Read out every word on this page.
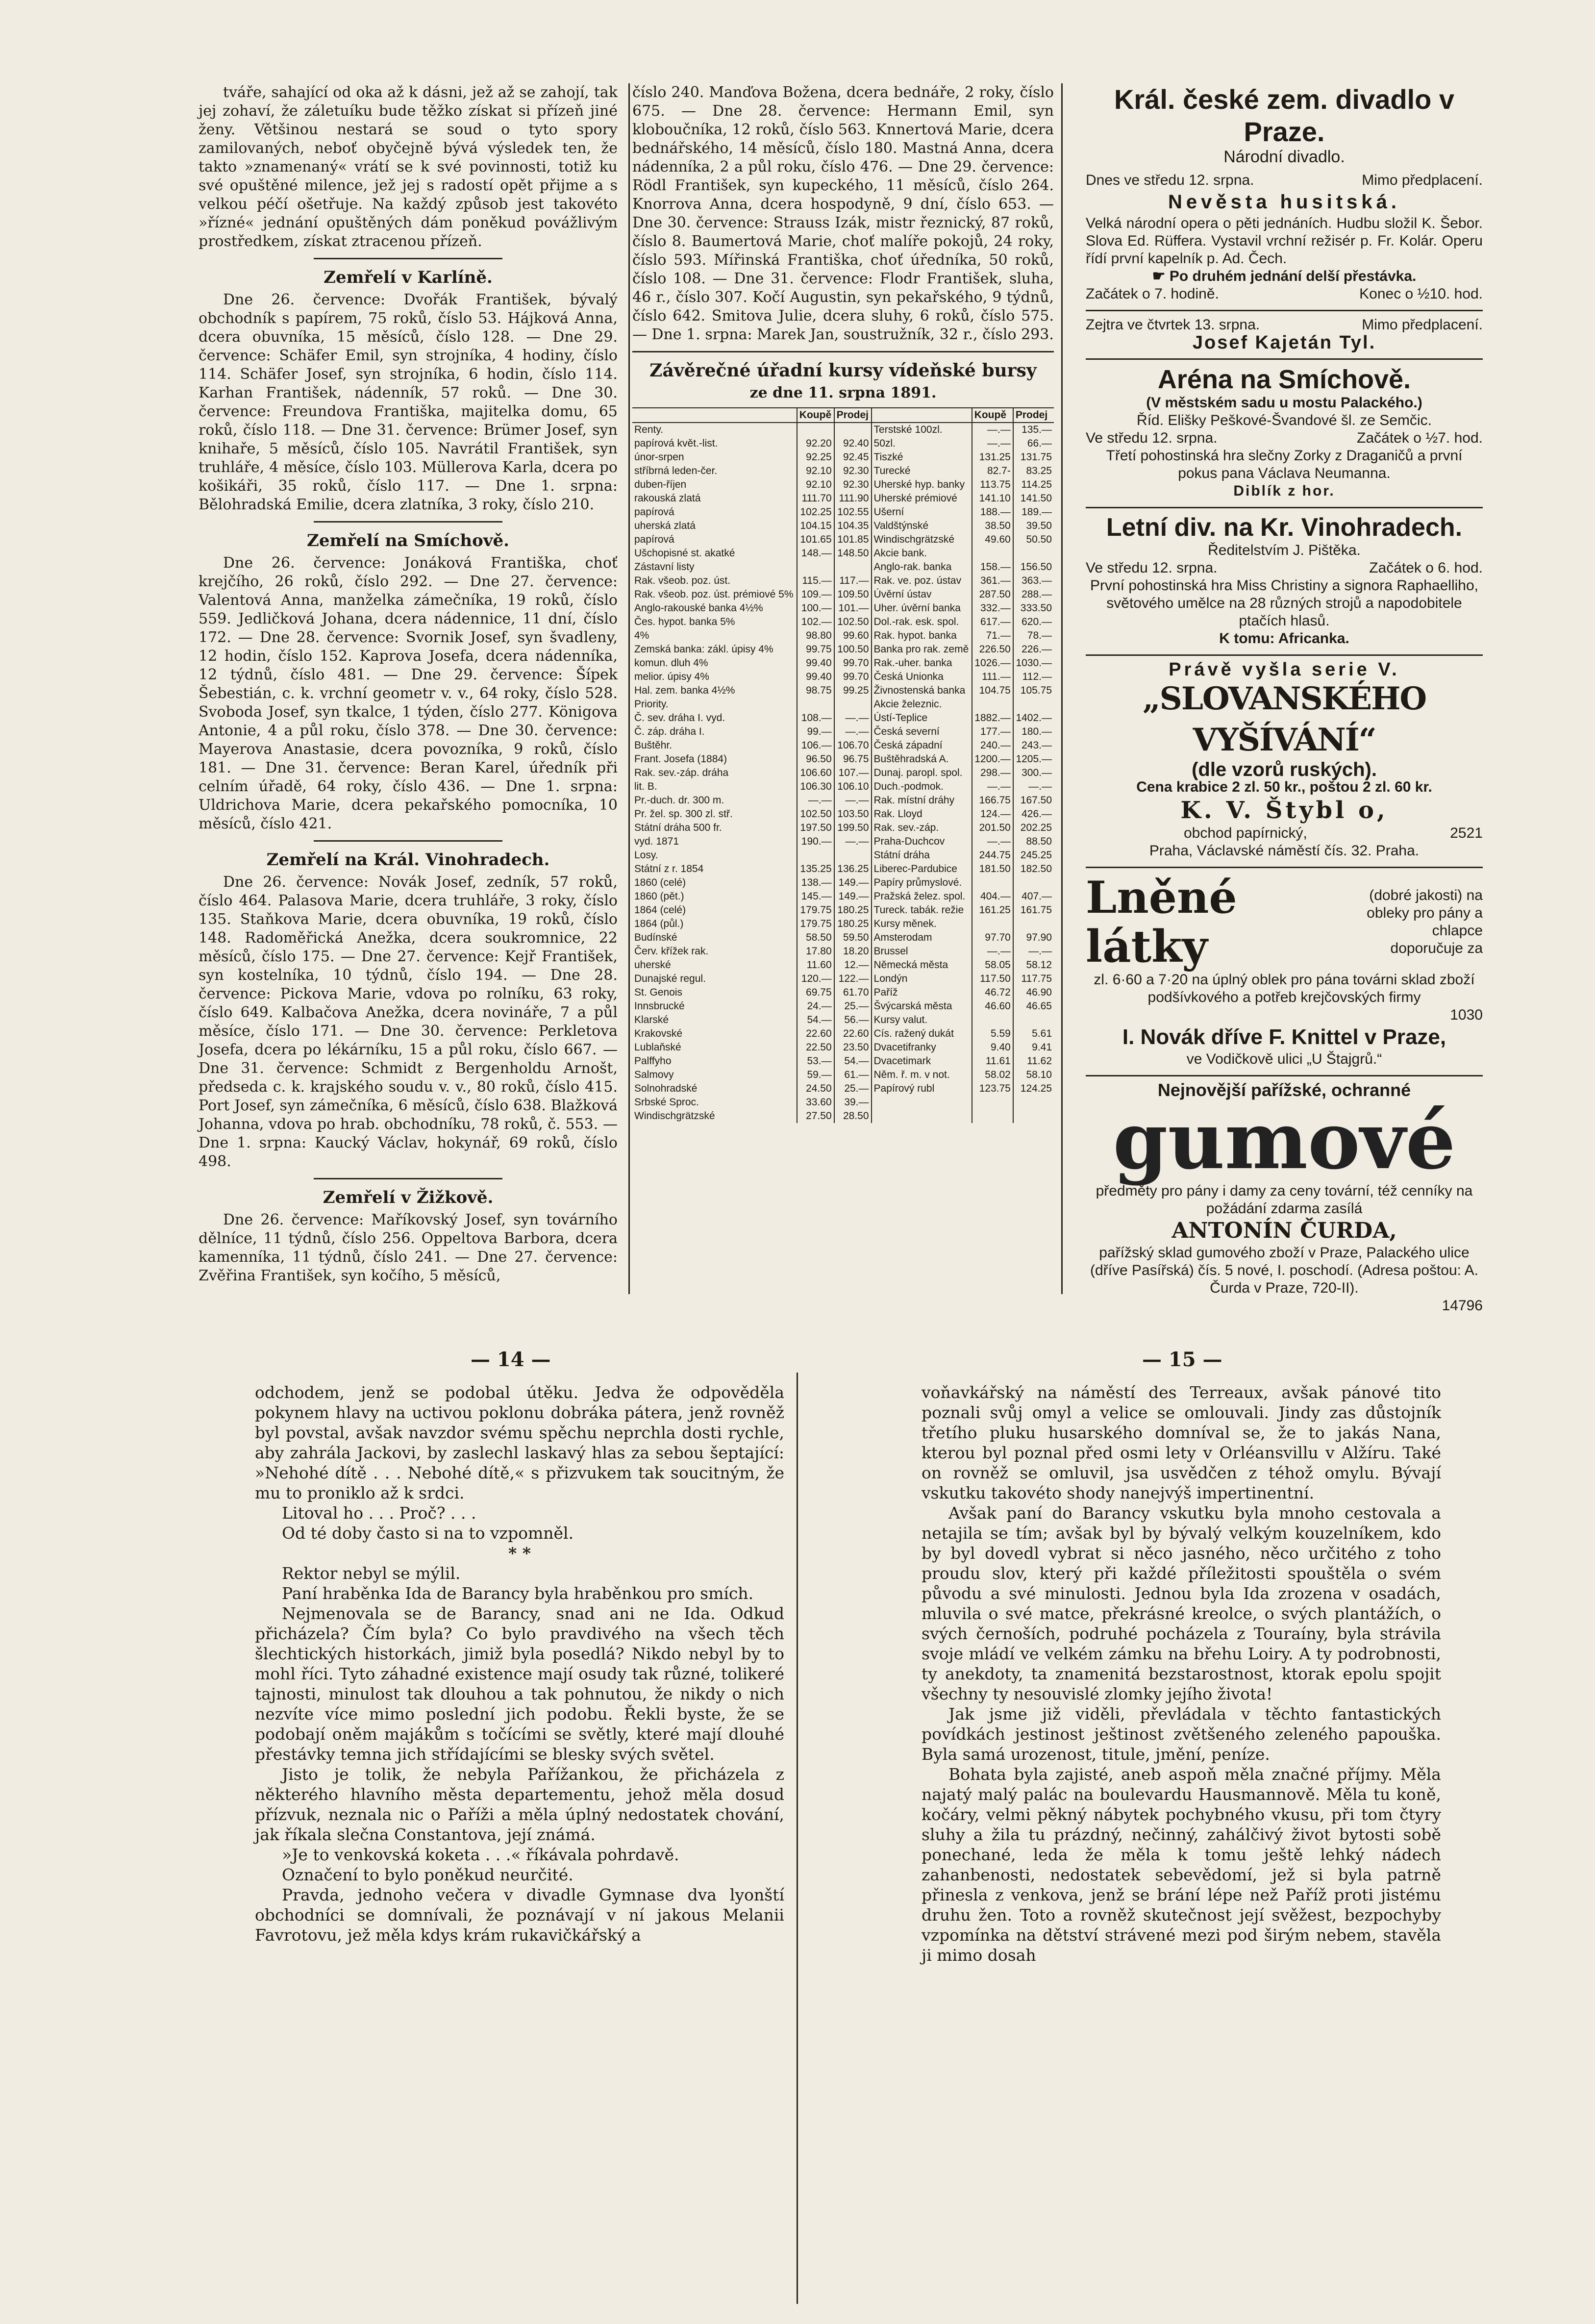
tváře, sahající od oka až k dásni, jež až se zahojí, tak jej zohaví, že záletuíku bude těžko získat si přízeň jiné ženy. Většinou nestará se soud o tyto spory zamilovaných, neboť obyčejně bývá výsledek ten, že takto »znamenaný« vrátí se k své povinnosti, totiž ku své opuštěné milence, jež jej s radostí opět přijme a s velkou péčí ošetřuje. Na každý způsob jest takovéto »řízné« jednání opuštěných dám poněkud povážlivým prostředkem, získat ztracenou přízeň.

Zemřelí v Karlíně.

Dne 26. července: Dvořák František, bývalý obchodník s papírem, 75 roků, číslo 53. Hájková Anna, dcera obuvníka, 15 měsíců, číslo 128. — Dne 29. července: Schäfer Emil, syn strojníka, 4 hodiny, číslo 114. Schäfer Josef, syn strojníka, 6 hodin, číslo 114. Karhan František, nádenník, 57 roků. — Dne 30. července: Freundova Františka, majitelka domu, 65 roků, číslo 118. — Dne 31. července: Brümer Josef, syn knihaře, 5 měsíců, číslo 105. Navrátil František, syn truhláře, 4 měsíce, číslo 103. Müllerova Karla, dcera po košikáři, 35 roků, číslo 117. — Dne 1. srpna: Bělohradská Emilie, dcera zlatníka, 3 roky, číslo 210.

Zemřelí na Smíchově.

Dne 26. července: Jonáková Františka, choť krejčího, 26 roků, číslo 292. — Dne 27. července: Valentová Anna, manželka zámečníka, 19 roků, číslo 559. Jedličková Johana, dcera nádennice, 11 dní, číslo 172. — Dne 28. července: Svornik Josef, syn švadleny, 12 hodin, číslo 152. Kaprova Josefa, dcera nádenníka, 12 týdnů, číslo 481. — Dne 29. července: Šípek Šebestián, c. k. vrchní geometr v. v., 64 roky, číslo 528. Svoboda Josef, syn tkalce, 1 týden, číslo 277. Königova Antonie, 4 a půl roku, číslo 378. — Dne 30. července: Mayerova Anastasie, dcera povozníka, 9 roků, číslo 181. — Dne 31. července: Beran Karel, úředník při celním úřadě, 64 roky, číslo 436. — Dne 1. srpna: Uldrichova Marie, dcera pekařského pomocníka, 10 měsíců, číslo 421.

Zemřelí na Král. Vinohradech.

Dne 26. července: Novák Josef, zedník, 57 roků, číslo 464. Palasova Marie, dcera truhláře, 3 roky, číslo 135. Staňkova Marie, dcera obuvníka, 19 roků, číslo 148. Radoměřická Anežka, dcera soukromnice, 22 měsíců, číslo 175. — Dne 27. července: Kejř František, syn kostelníka, 10 týdnů, číslo 194. — Dne 28. července: Pickova Marie, vdova po rolníku, 63 roky, číslo 649. Kalbačova Anežka, dcera novináře, 7 a půl měsíce, číslo 171. — Dne 30. července: Perkletova Josefa, dcera po lékárníku, 15 a půl roku, číslo 667. — Dne 31. července: Schmidt z Bergenholdu Arnošt, předseda c. k. krajského soudu v. v., 80 roků, číslo 415. Port Josef, syn zámečníka, 6 měsíců, číslo 638. Blažková Johanna, vdova po hrab. obchodníku, 78 roků, č. 553. — Dne 1. srpna: Kaucký Václav, hokynář, 69 roků, číslo 498.

Zemřelí v Žižkově.

Dne 26. července: Maříkovský Josef, syn továrního dělníce, 11 týdnů, číslo 256. Oppeltova Barbora, dcera kamenníka, 11 týdnů, číslo 241. — Dne 27. července: Zvěřina František, syn kočího, 5 měsíců,

číslo 240. Manďova Božena, dcera bednáře, 2 roky, číslo 675. — Dne 28. července: Hermann Emil, syn kloboučníka, 12 roků, číslo 563. Knnertová Marie, dcera bednářského, 14 měsíců, číslo 180. Mastná Anna, dcera nádenníka, 2 a půl roku, číslo 476. — Dne 29. července: Rödl František, syn kupeckého, 11 měsíců, číslo 264. Knorrova Anna, dcera hospodyně, 9 dní, číslo 653. — Dne 30. července: Strauss Izák, mistr řeznický, 87 roků, číslo 8. Baumertová Marie, choť malíře pokojů, 24 roky, číslo 593. Mířinská Františka, choť úředníka, 50 roků, číslo 108. — Dne 31. července: Flodr František, sluha, 46 r., číslo 307. Kočí Augustin, syn pekařského, 9 týdnů, číslo 642. Smitova Julie, dcera sluhy, 6 roků, číslo 575. — Dne 1. srpna: Marek Jan, soustružník, 32 r., číslo 293.

Závěrečné úřadní kursy vídeňské bursy
ze dne 11. srpna 1891.
	Koupě	Prodej		Koupě	Prodej
Renty.			Terstské 100zl.	—.—	135.—
papírová květ.-list.	92.20	92.40	50zl.	—.—	66.—
únor-srpen	92.25	92.45	Tiszké	131.25	131.75
stříbrná leden-čer.	92.10	92.30	Turecké	82.7-	83.25
duben-říjen	92.10	92.30	Uherské hyp. banky	113.75	114.25
rakouská zlatá	111.70	111.90	Uherské prémiové	141.10	141.50
papírová	102.25	102.55	Ušerní	188.—	189.—
uherská zlatá	104.15	104.35	Valdštýnské	38.50	39.50
papírová	101.65	101.85	Windischgrätzské	49.60	50.50
Ušchopisné st. akatké	148.—	148.50	Akcie bank.		
Zástavní listy			Anglo-rak. banka	158.—	156.50
Rak. všeob. poz. úst.	115.—	117.—	Rak. ve. poz. ústav	361.—	363.—
Rak. všeob. poz. úst. prémiové 5%	109.—	109.50	Úvěrní ústav	287.50	288.—
Anglo-rakouské banka 4½%	100.—	101.—	Uher. úvěrní banka	332.—	333.50
Čes. hypot. banka 5%	102.—	102.50	Dol.-rak. esk. spol.	617.—	620.—
4%	98.80	99.60	Rak. hypot. banka	71.—	78.—
Zemská banka: zákl. úpisy 4%	99.75	100.50	Banka pro rak. země	226.50	226.—
komun. dluh 4%	99.40	99.70	Rak.-uher. banka	1026.—	1030.—
melior. úpisy 4%	99.40	99.70	Česká Unionka	111.—	112.—
Hal. zem. banka 4½%	98.75	99.25	Živnostenská banka	104.75	105.75
Priority.			Akcie železnic.		
Č. sev. dráha I. vyd.	108.—	—.—	Ústí-Teplice	1882.—	1402.—
Č. záp. dráha I.	99.—	—.—	Česká severní	177.—	180.—
Buštěhr.	106.—	106.70	Česká západní	240.—	243.—
Frant. Josefa (1884)	96.50	96.75	Buštěhradská A.	1200.—	1205.—
Rak. sev.-záp. dráha	106.60	107.—	Dunaj. paropl. spol.	298.—	300.—
lit. B.	106.30	106.10	Duch.-podmok.	—.—	—.—
Pr.-duch. dr. 300 m.	—.—	—.—	Rak. místní dráhy	166.75	167.50
Pr. žel. sp. 300 zl. stř.	102.50	103.50	Rak. Lloyd	124.—	426.—
Státní dráha 500 fr.	197.50	199.50	Rak. sev.-záp.	201.50	202.25
vyd. 1871	190.—	—.—	Praha-Duchcov	—.—	88.50
Losy.			Státní dráha	244.75	245.25
Státní z r. 1854	135.25	136.25	Liberec-Pardubice	181.50	182.50
1860 (celé)	138.—	149.—	Papíry průmyslové.		
1860 (pět.)	145.—	149.—	Pražská želez. spol.	404.—	407.—
1864 (celé)	179.75	180.25	Tureck. tabák. režie	161.25	161.75
1864 (půl.)	179.75	180.25	Kursy měnek.		
Budínské	58.50	59.50	Amsterodam	97.70	97.90
Červ. křížek rak.	17.80	18.20	Brussel	—.—	—.—
uherské	11.60	12.—	Německá města	58.05	58.12
Dunajské regul.	120.—	122.—	Londýn	117.50	117.75
St. Genois	69.75	61.70	Paříž	46.72	46.90
Innsbrucké	24.—	25.—	Švýcarská města	46.60	46.65
Klarské	54.—	56.—	Kursy valut.		
Krakovské	22.60	22.60	Cís. ražený dukát	5.59	5.61
Lublaňské	22.50	23.50	Dvacetifranky	9.40	9.41
Palffyho	53.—	54.—	Dvacetimark	11.61	11.62
Salmovy	59.—	61.—	Něm. ř. m. v not.	58.02	58.10
Solnohradské	24.50	25.—	Papírový rubl	123.75	124.25
Srbské Sproc.	33.60	39.—			
Windischgrätzské	27.50	28.50			
Král. české zem. divadlo v Praze.
Národní divadlo.
Dnes ve středu 12. srpna.	Mimo předplacení.
Nevěsta husitská.
Velká národní opera o pěti jednáních. Hudbu složil K. Šebor. Slova Ed. Rüffera. Vystavil vrchní režisér p. Fr. Kolár. Operu řídí první kapelník p. Ad. Čech.
☛ Po druhém jednání delší přestávka.
Začátek o 7. hodině.	Konec o ½10. hod.
Zejtra ve čtvrtek 13. srpna.	Mimo předplacení.
Josef Kajetán Tyl.
Aréna na Smíchově.
(V městském sadu u mostu Palackého.)
Říd. Elišky Peškové-Švandové šl. ze Semčic.
Ve středu 12. srpna.	Začátek o ½7. hod.
Třetí pohostinská hra slečny Zorky z Draganičů a první pokus pana Václava Neumanna.
Diblík z hor.
Letní div. na Kr. Vinohradech.
Ředitelstvím J. Pištěka.
Ve středu 12. srpna.	Začátek o 6. hod.
První pohostinská hra Miss Christiny a signora Raphaelliho, světového umělce na 28 různých strojů a napodobitele ptačích hlasů.
K tomu: Africanka.
Právě vyšla serie V.
„SLOVANSKÉHO VYŠÍVÁNÍ“
(dle vzorů ruských).
Cena krabice 2 zl. 50 kr., poštou 2 zl. 60 kr.
K. V. Štybl o,
obchod papírnický,	2521
Praha, Václavské náměstí čís. 32. Praha.
Lněné látky
(dobré jakosti) na obleky pro pány a chlapce doporučuje za
zl. 6·60 a 7·20 na úplný oblek pro pána továrni sklad zboží podšívkového a potřeb krejčovských firmy
1030
I. Novák dříve F. Knittel v Praze,
ve Vodičkově ulici „U Štajgrů.“
Nejnovější pařížské, ochranné
gumové
předměty pro pány i damy za ceny tovární, též cenníky na požádání zdarma zasílá
ANTONÍN ČURDA,
pařížský sklad gumového zboží v Praze, Palackého ulice (dříve Pasířská) čís. 5 nové, I. poschodí. (Adresa poštou: A. Čurda v Praze, 720-II).
14796
— 14 —	— 15 —

odchodem, jenž se podobal útěku. Jedva že odpověděla pokynem hlavy na uctivou poklonu dobráka pátera, jenž rovněž byl povstal, avšak navzdor svému spěchu neprchla dosti rychle, aby zahrála Jackovi, by zaslechl laskavý hlas za sebou šeptající: »Nehohé dítě . . . Nebohé dítě,« s přizvukem tak soucitným, že mu to proniklo až k srdci.

Litoval ho . . . Proč? . . .

Od té doby často si na to vzpomněl.

* *

Rektor nebyl se mýlil.

Paní hraběnka Ida de Barancy byla hraběnkou pro smích.

Nejmenovala se de Barancy, snad ani ne Ida. Odkud přicházela? Čím byla? Co bylo pravdivého na všech těch šlechtických historkách, jimiž byla posedlá? Nikdo nebyl by to mohl říci. Tyto záhadné existence mají osudy tak různé, tolikeré tajnosti, minulost tak dlouhou a tak pohnutou, že nikdy o nich nezvíte více mimo poslední jich podobu. Řekli byste, že se podobají oněm majákům s točícími se světly, které mají dlouhé přestávky temna jich střídajícími se blesky svých světel.

Jisto je tolik, že nebyla Pařížankou, že přicházela z některého hlavního města departementu, jehož měla dosud přízvuk, neznala nic o Paříži a měla úplný nedostatek chování, jak říkala slečna Constantova, její známá.

»Je to venkovská koketa . . .« říkávala pohrdavě.

Označení to bylo poněkud neurčité.

Pravda, jednoho večera v divadle Gymnase dva lyonští obchodníci se domnívali, že poznávají v ní jakous Melanii Favrotovu, jež měla kdys krám rukavičkářský a

voňavkářský na náměstí des Terreaux, avšak pánové tito poznali svůj omyl a velice se omlouvali. Jindy zas důstojník třetího pluku husarského domníval se, že to jakás Nana, kterou byl poznal před osmi lety v Orléansvillu v Alžíru. Také on rovněž se omluvil, jsa usvědčen z téhož omylu. Bývají vskutku takovéto shody nanejvýš impertinentní.

Avšak paní do Barancy vskutku byla mnoho cestovala a netajila se tím; avšak byl by bývalý velkým kouzelníkem, kdo by byl dovedl vybrat si něco jasného, něco určitého z toho proudu slov, který při každé příležitosti spouštěla o svém původu a své minulosti. Jednou byla Ida zrozena v osadách, mluvila o své matce, překrásné kreolce, o svých plantážích, o svých černoších, podruhé pocházela z Touraíny, byla strávila svoje mládí ve velkém zámku na břehu Loiry. A ty podrobnosti, ty anekdoty, ta znamenitá bezstarostnost, ktorak epolu spojit všechny ty nesouvislé zlomky jejího života!

Jak jsme již viděli, převládala v těchto fantastických povídkách jestinost ještinost zvětšeného zeleného papouška. Byla samá urozenost, titule, jmění, peníze.

Bohata byla zajisté, aneb aspoň měla značné příjmy. Měla najatý malý palác na boulevardu Hausmannově. Měla tu koně, kočáry, velmi pěkný nábytek pochybného vkusu, při tom čtyry sluhy a žila tu prázdný, nečinný, zahálčivý život bytosti sobě ponechané, leda že měla k tomu ještě lehký nádech zahanbenosti, nedostatek sebevědomí, jež si byla patrně přinesla z venkova, jenž se brání lépe než Paříž proti jistému druhu žen. Toto a rovněž skutečnost její svěžest, bezpochyby vzpomínka na dětství strávené mezi pod širým nebem, stavěla ji mimo dosah
